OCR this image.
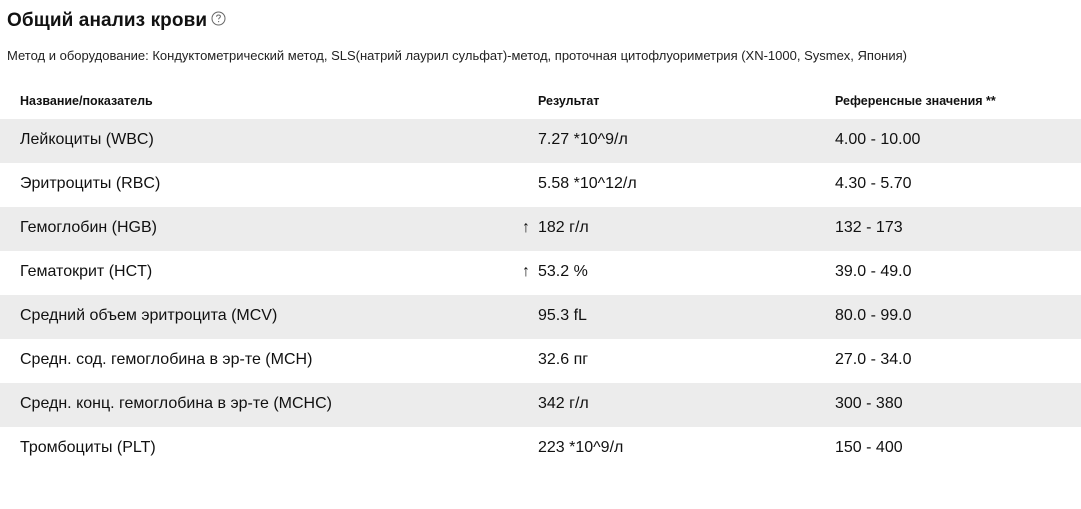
Общий анализ крови
Метод и оборудование: Кондуктометрический метод, SLS(натрий лаурил сульфат)-метод, проточная цитофлуориметрия (XN-1000, Sysmex, Япония)
Название/показатель	Результат	Референсные значения **
Лейкоциты (WBC)	7.27 *10^9/л	4.00 - 10.00
Эритроциты (RBC)	5.58 *10^12/л	4.30 - 5.70
Гемоглобин (HGB)	↑ 182 г/л	132 - 173
Гематокрит (HCT)	↑ 53.2 %	39.0 - 49.0
Средний объем эритроцита (MCV)	95.3 fL	80.0 - 99.0
Средн. сод. гемоглобина в эр-те (MCH)	32.6 пг	27.0 - 34.0
Средн. конц. гемоглобина в эр-те (MCHC)	342 г/л	300 - 380
Тромбоциты (PLT)	223 *10^9/л	150 - 400
